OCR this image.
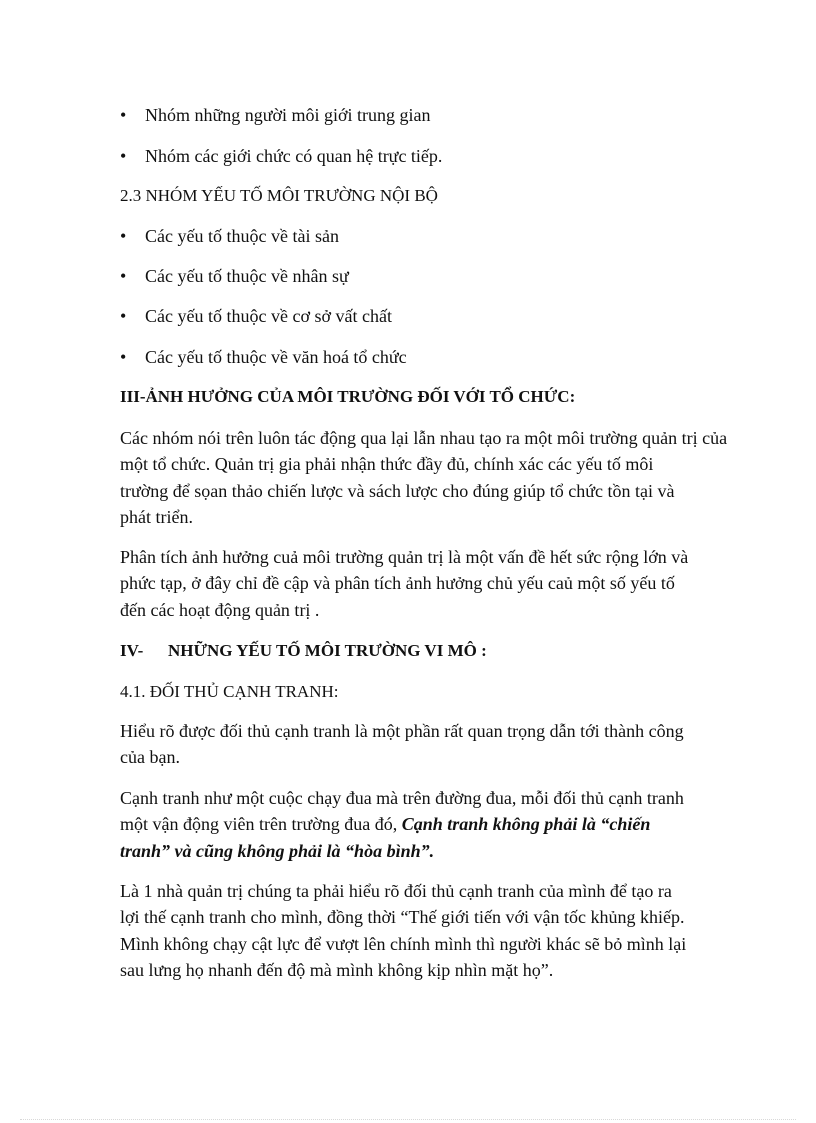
•	Nhóm những người môi giới trung gian
•	Nhóm các giới chức có quan hệ trực tiếp.
2.3 NHÓM YẾU TỐ MÔI TRƯỜNG NỘI BỘ
•	Các yếu tố thuộc về tài sản
•	Các yếu tố thuộc về nhân sự
•	Các yếu tố thuộc về cơ sở vất chất
•	Các yếu tố thuộc về văn hoá tổ chức
III-ẢNH HƯỞNG CỦA MÔI TRƯỜNG ĐỐI VỚI TỔ CHỨC:
Các nhóm nói trên luôn tác động qua lại lẫn nhau tạo ra một môi trường quản trị của
một tổ chức. Quản trị gia phải nhận thức đầy đủ, chính xác các yếu tố môi
trường để sọan thảo chiến lược và sách lược cho đúng giúp tổ chức tồn tại và
phát triển.
Phân tích ảnh hưởng cuả môi trường quản trị là một vấn đề hết sức rộng lớn và
phức tạp, ở đây chỉ đề cập và phân tích ảnh hưởng chủ yếu caủ một số yếu tố
đến các hoạt động quản trị .
IV- NHỮNG YẾU TỐ MÔI TRƯỜNG VI MÔ :
4.1. ĐỐI THỦ CẠNH TRANH:
Hiểu rõ được đối thủ cạnh tranh là một phần rất quan trọng dẫn tới thành công
của bạn.
Cạnh tranh như một cuộc chạy đua mà trên đường đua, mỗi đối thủ cạnh tranh
một vận động viên trên trường đua đó, Cạnh tranh không phải là “chiến
tranh” và cũng không phải là “hòa bình”.
Là 1 nhà quản trị chúng ta phải hiểu rõ đối thủ cạnh tranh của mình để tạo ra
lợi thế cạnh tranh cho mình, đồng thời “Thế giới tiến với vận tốc khủng khiếp.
Mình không chạy cật lực để vượt lên chính mình thì người khác sẽ bỏ mình lại
sau lưng họ nhanh đến độ mà mình không kịp nhìn mặt họ”.
